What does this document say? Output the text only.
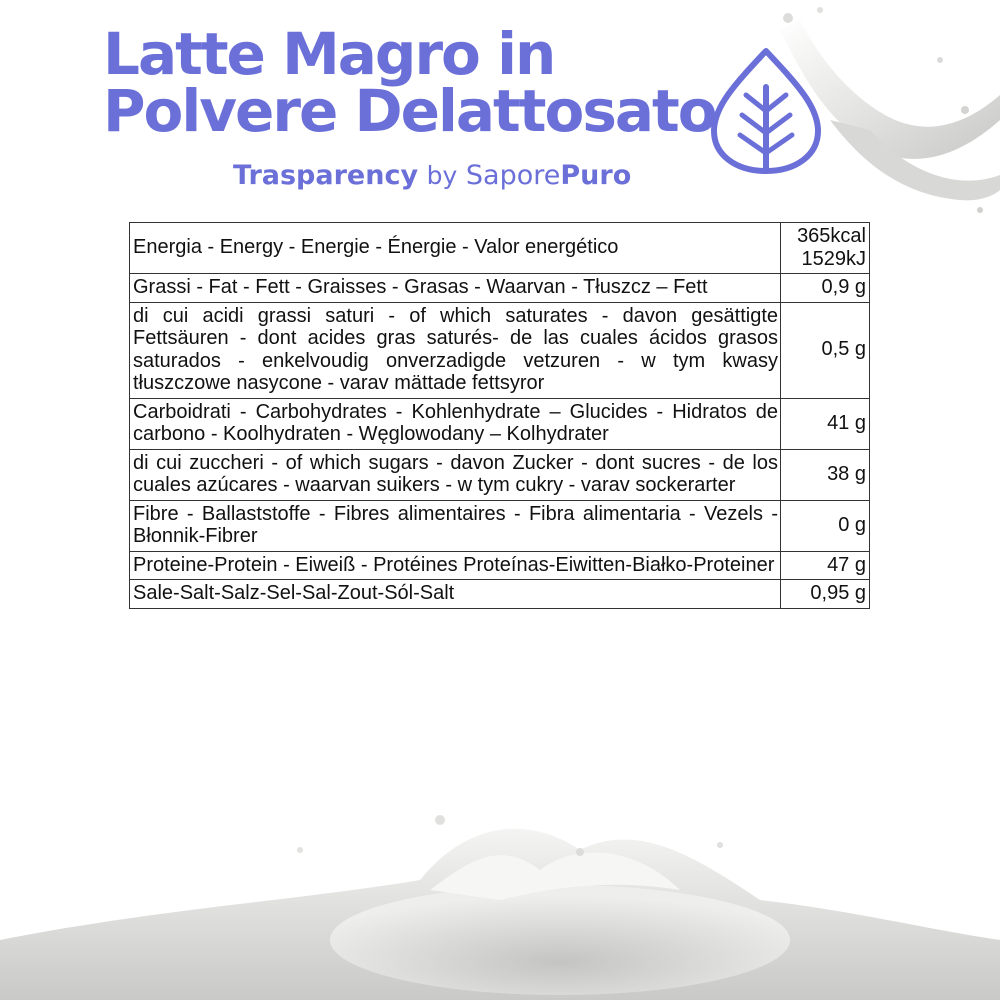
Latte Magro in
Polvere Delattosato
Trasparency by SaporePuro
Energia - Energy - Energie - Énergie - Valor energético	365kcal
1529kJ
Grassi - Fat - Fett - Graisses - Grasas - Waarvan - Tłuszcz – Fett	0,9 g
di cui acidi grassi saturi - of which saturates - davon gesättigte Fettsäuren - dont acides gras saturés- de las cuales ácidos grasos saturados - enkelvoudig onverzadigde vetzuren - w tym kwasy tłuszczowe nasycone - varav mättade fettsyror	0,5 g
Carboidrati - Carbohydrates - Kohlenhydrate – Glucides - Hidratos de carbono - Koolhydraten - Węglowodany – Kolhydrater	41 g
di cui zuccheri - of which sugars - davon Zucker - dont sucres - de los cuales azúcares - waarvan suikers - w tym cukry - varav sockerarter	38 g
Fibre - Ballaststoffe - Fibres alimentaires - Fibra alimentaria - Vezels - Błonnik-Fibrer	0 g
Proteine-Protein - Eiweiß - Protéines Proteínas-Eiwitten-Białko-Proteiner	47 g
Sale-Salt-Salz-Sel-Sal-Zout-Sól-Salt	0,95 g
